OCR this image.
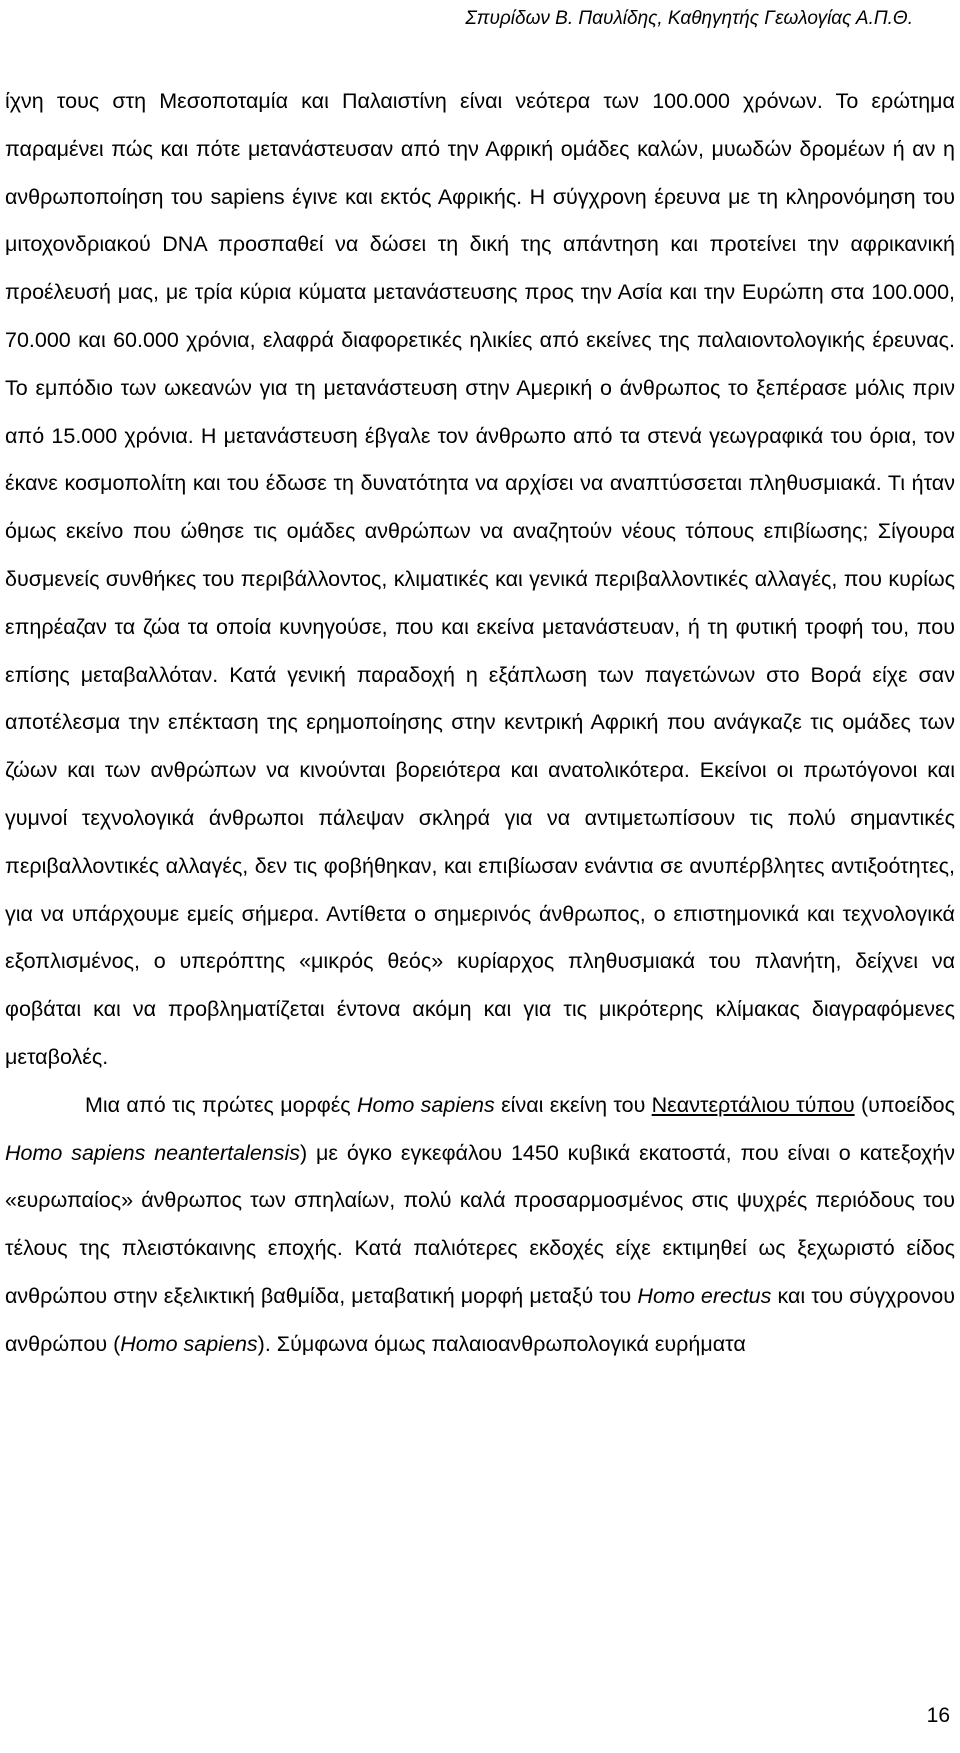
Σπυρίδων Β. Παυλίδης, Καθηγητής Γεωλογίας Α.Π.Θ.

ίχνη τους στη Μεσοποταμία και Παλαιστίνη είναι νεότερα των 100.000 χρόνων. Το ερώτημα παραμένει πώς και πότε μετανάστευσαν από την Αφρική ομάδες καλών, μυωδών δρομέων ή αν η ανθρωποποίηση του sapiens έγινε και εκτός Αφρικής. Η σύγχρονη έρευνα με τη κληρονόμηση του μιτοχονδριακού DNA προσπαθεί να δώσει τη δική της απάντηση και προτείνει την αφρικανική προέλευσή μας, με τρία κύρια κύματα μετανάστευσης προς την Ασία και την Ευρώπη στα 100.000, 70.000 και 60.000 χρόνια, ελαφρά διαφορετικές ηλικίες από εκείνες της παλαιοντολογικής έρευνας. Το εμπόδιο των ωκεανών για τη μετανάστευση στην Αμερική ο άνθρωπος το ξεπέρασε μόλις πριν από 15.000 χρόνια. Η μετανάστευση έβγαλε τον άνθρωπο από τα στενά γεωγραφικά του όρια, τον έκανε κοσμοπολίτη και του έδωσε τη δυνατότητα να αρχίσει να αναπτύσσεται πληθυσμιακά. Τι ήταν όμως εκείνο που ώθησε τις ομάδες ανθρώπων να αναζητούν νέους τόπους επιβίωσης; Σίγουρα δυσμενείς συνθήκες του περιβάλλοντος, κλιματικές και γενικά περιβαλλοντικές αλλαγές, που κυρίως επηρέαζαν τα ζώα τα οποία κυνηγούσε, που και εκείνα μετανάστευαν, ή τη φυτική τροφή του, που επίσης μεταβαλλόταν. Κατά γενική παραδοχή η εξάπλωση των παγετώνων στο Βορά είχε σαν αποτέλεσμα την επέκταση της ερημοποίησης στην κεντρική Αφρική που ανάγκαζε τις ομάδες των ζώων και των ανθρώπων να κινούνται βορειότερα και ανατολικότερα. Εκείνοι οι πρωτόγονοι και γυμνοί τεχνολογικά άνθρωποι πάλεψαν σκληρά για να αντιμετωπίσουν τις πολύ σημαντικές περιβαλλοντικές αλλαγές, δεν τις φοβήθηκαν, και επιβίωσαν ενάντια σε ανυπέρβλητες αντιξοότητες, για να υπάρχουμε εμείς σήμερα. Αντίθετα ο σημερινός άνθρωπος, ο επιστημονικά και τεχνολογικά εξοπλισμένος, ο υπερόπτης «μικρός θεός» κυρίαρχος πληθυσμιακά του πλανήτη, δείχνει να φοβάται και να προβληματίζεται έντονα ακόμη και για τις μικρότερης κλίμακας διαγραφόμενες μεταβολές.

Μια από τις πρώτες μορφές Homo sapiens είναι εκείνη του Νεαντερτάλιου τύπου (υποείδος Homo sapiens neantertalensis) με όγκο εγκεφάλου 1450 κυβικά εκατοστά, που είναι ο κατεξοχήν «ευρωπαίος» άνθρωπος των σπηλαίων, πολύ καλά προσαρμοσμένος στις ψυχρές περιόδους του τέλους της πλειστόκαινης εποχής. Κατά παλιότερες εκδοχές είχε εκτιμηθεί ως ξεχωριστό είδος ανθρώπου στην εξελικτική βαθμίδα, μεταβατική μορφή μεταξύ του Homo erectus και του σύγχρονου ανθρώπου (Homo sapiens). Σύμφωνα όμως παλαιοανθρωπολογικά ευρήματα

16
